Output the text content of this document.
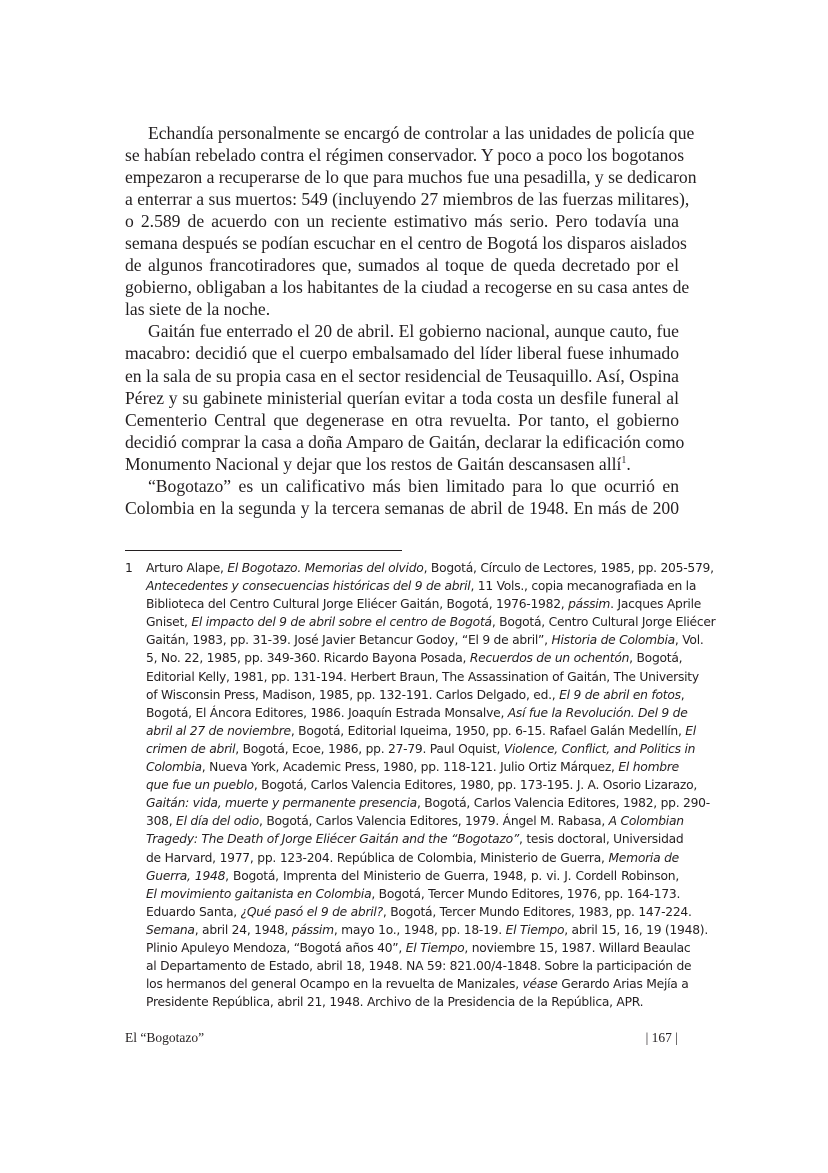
Echandía personalmente se encargó de controlar a las unidades de policía que
se habían rebelado contra el régimen conservador. Y poco a poco los bogotanos
empezaron a recuperarse de lo que para muchos fue una pesadilla, y se dedicaron
a enterrar a sus muertos: 549 (incluyendo 27 miembros de las fuerzas militares),
o 2.589 de acuerdo con un reciente estimativo más serio. Pero todavía una
semana después se podían escuchar en el centro de Bogotá los disparos aislados
de algunos francotiradores que, sumados al toque de queda decretado por el
gobierno, obligaban a los habitantes de la ciudad a recogerse en su casa antes de
las siete de la noche.
Gaitán fue enterrado el 20 de abril. El gobierno nacional, aunque cauto, fue
macabro: decidió que el cuerpo embalsamado del líder liberal fuese inhumado
en la sala de su propia casa en el sector residencial de Teusaquillo. Así, Ospina
Pérez y su gabinete ministerial querían evitar a toda costa un desfile funeral al
Cementerio Central que degenerase en otra revuelta. Por tanto, el gobierno
decidió comprar la casa a doña Amparo de Gaitán, declarar la edificación como
Monumento Nacional y dejar que los restos de Gaitán descansasen allí$^1$.
“Bogotazo” es un calificativo más bien limitado para lo que ocurrió en
Colombia en la segunda y la tercera semanas de abril de 1948. En más de 200
1 Arturo Alape, El Bogotazo. Memorias del olvido, Bogotá, Círculo de Lectores, 1985, pp. 205-579,
Antecedentes y consecuencias históricas del 9 de abril, 11 Vols., copia mecanografiada en la
Biblioteca del Centro Cultural Jorge Eliécer Gaitán, Bogotá, 1976-1982, pássim. Jacques Aprile
Gniset, El impacto del 9 de abril sobre el centro de Bogotá, Bogotá, Centro Cultural Jorge Eliécer
Gaitán, 1983, pp. 31-39. José Javier Betancur Godoy, “El 9 de abril”, Historia de Colombia, Vol.
5, No. 22, 1985, pp. 349-360. Ricardo Bayona Posada, Recuerdos de un ochentón, Bogotá,
Editorial Kelly, 1981, pp. 131-194. Herbert Braun, The Assassination of Gaitán, The University
of Wisconsin Press, Madison, 1985, pp. 132-191. Carlos Delgado, ed., El 9 de abril en fotos,
Bogotá, El Áncora Editores, 1986. Joaquín Estrada Monsalve, Así fue la Revolución. Del 9 de
abril al 27 de noviembre, Bogotá, Editorial Iqueima, 1950, pp. 6-15. Rafael Galán Medellín, El
crimen de abril, Bogotá, Ecoe, 1986, pp. 27-79. Paul Oquist, Violence, Conflict, and Politics in
Colombia, Nueva York, Academic Press, 1980, pp. 118-121. Julio Ortiz Márquez, El hombre
que fue un pueblo, Bogotá, Carlos Valencia Editores, 1980, pp. 173-195. J. A. Osorio Lizarazo,
Gaitán: vida, muerte y permanente presencia, Bogotá, Carlos Valencia Editores, 1982, pp. 290-
308, El día del odio, Bogotá, Carlos Valencia Editores, 1979. Ángel M. Rabasa, A Colombian
Tragedy: The Death of Jorge Eliécer Gaitán and the “Bogotazo”, tesis doctoral, Universidad
de Harvard, 1977, pp. 123-204. República de Colombia, Ministerio de Guerra, Memoria de
Guerra, 1948, Bogotá, Imprenta del Ministerio de Guerra, 1948, p. vi. J. Cordell Robinson,
El movimiento gaitanista en Colombia, Bogotá, Tercer Mundo Editores, 1976, pp. 164-173.
Eduardo Santa, ¿Qué pasó el 9 de abril?, Bogotá, Tercer Mundo Editores, 1983, pp. 147-224.
Semana, abril 24, 1948, pássim, mayo 1o., 1948, pp. 18-19. El Tiempo, abril 15, 16, 19 (1948).
Plinio Apuleyo Mendoza, “Bogotá años 40”, El Tiempo, noviembre 15, 1987. Willard Beaulac
al Departamento de Estado, abril 18, 1948. NA 59: 821.00/4-1848. Sobre la participación de
los hermanos del general Ocampo en la revuelta de Manizales, véase Gerardo Arias Mejía a
Presidente República, abril 21, 1948. Archivo de la Presidencia de la República, APR.
El “Bogotazo”	| 167 |
